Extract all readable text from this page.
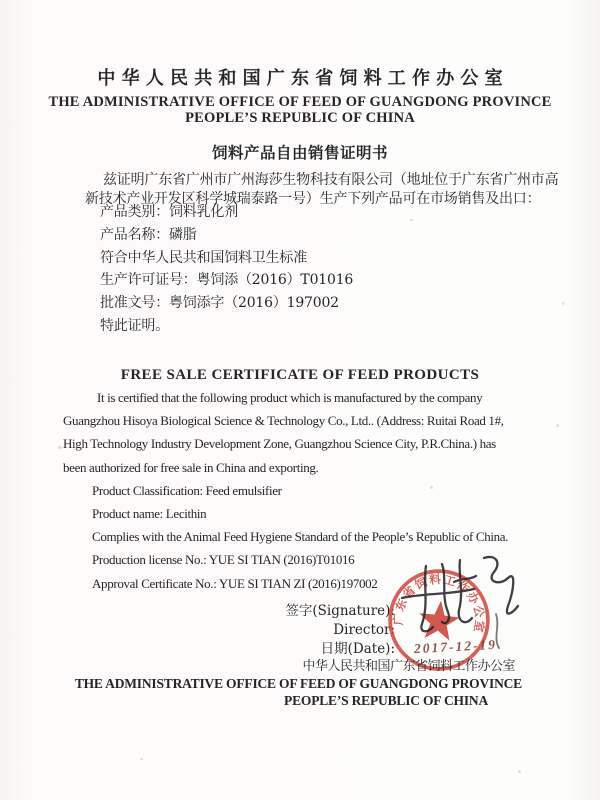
中华人民共和国广东省饲料工作办公室
THE ADMINISTRATIVE OFFICE OF FEED OF GUANGDONG PROVINCE
PEOPLE’S REPUBLIC OF CHINA
饲料产品自由销售证明书
兹证明广东省广州市广州海莎生物科技有限公司（地址位于广东省广州市高
新技术产业开发区科学城瑞泰路一号）生产下列产品可在市场销售及出口：
产品类别：饲料乳化剂
产品名称：磷脂
符合中华人民共和国饲料卫生标准
生产许可证号：粤饲添（2016）T01016
批准文号：粤饲添字（2016）197002
特此证明。
FREE SALE CERTIFICATE OF FEED PRODUCTS
It is certified that the following product which is manufactured by the company
Guangzhou Hisoya Biological Science & Technology Co., Ltd.. (Address: Ruitai Road 1#,
High Technology Industry Development Zone, Guangzhou Science City, P.R.China.) has
been authorized for free sale in China and exporting.
Product Classification: Feed emulsifier
Product name: Lecithin
Complies with the Animal Feed Hygiene Standard of the People’s Republic of China.
Production license No.: YUE SI TIAN (2016)T01016
Approval Certificate No.: YUE SI TIAN ZI (2016)197002
签字(Signature):
Director:
日期(Date):
广东省饲料工作办公室
2017-12-19
中华人民共和国广东省饲料工作办公室
THE ADMINISTRATIVE OFFICE OF FEED OF GUANGDONG PROVINCE
PEOPLE’S REPUBLIC OF CHINA
